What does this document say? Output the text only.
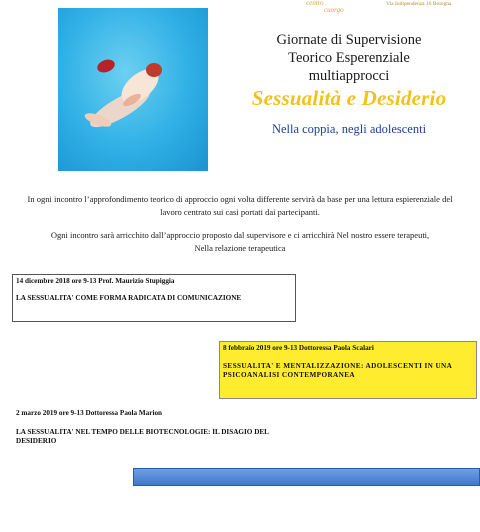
centro
cuorgo
Via Indipendenza 16 Bologna
Giornate di Supervisione
Teorico Esperenziale
multiapprocci
Sessualità e Desiderio
Nella coppia, negli adolescenti
In ogni incontro l’approfondimento teorico di approccio ogni volta differente servirà da base per una lettura espierenziale del
lavoro centrato sui casi portati dai partecipanti.
Ogni incontro sarà arricchito dall’approccio proposto dal supervisore e ci arricchirà Nel nostro essere terapeuti,
Nella relazione terapeutica
14 dicembre 2018 ore 9-13 Prof. Maurizio Stupiggia
LA SESSUALITA' COME FORMA RADICATA DI COMUNICAZIONE
8 febbraio 2019 ore 9-13 Dottoressa Paola Scalari
SESSUALITA' E MENTALIZZAZIONE: ADOLESCENTI IN UNA PSICOANALISI CONTEMPORANEA
2 marzo 2019 ore 9-13 Dottoressa Paola Marion
LA SESSUALITA' NEL TEMPO DELLE BIOTECNOLOGIE: IL DISAGIO DEL DESIDERIO
